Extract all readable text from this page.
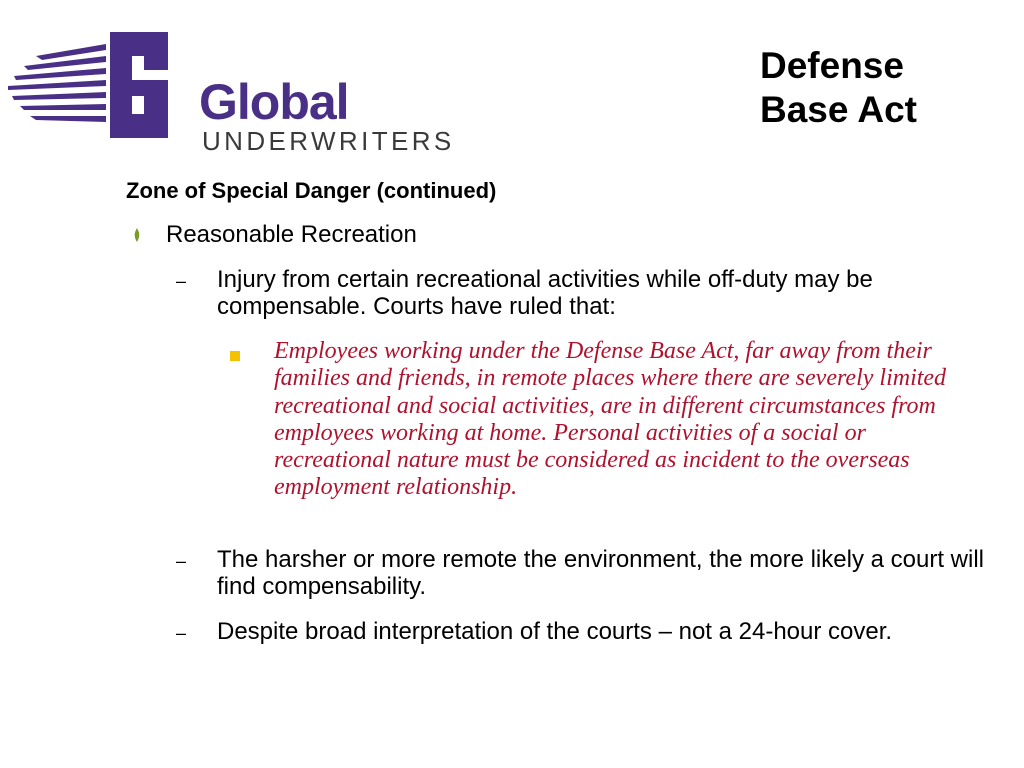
Global
UNDERWRITERS
Defense
Base Act
Zone of Special Danger (continued)
Reasonable Recreation
– Injury from certain recreational activities while off-duty may be compensable. Courts have ruled that:
Employees working under the Defense Base Act, far away from their families and friends, in remote places where there are severely limited recreational and social activities, are in different circumstances from employees working at home. Personal activities of a social or recreational nature must be considered as incident to the overseas employment relationship.
– The harsher or more remote the environment, the more likely a court will find compensability.
– Despite broad interpretation of the courts – not a 24-hour cover.
